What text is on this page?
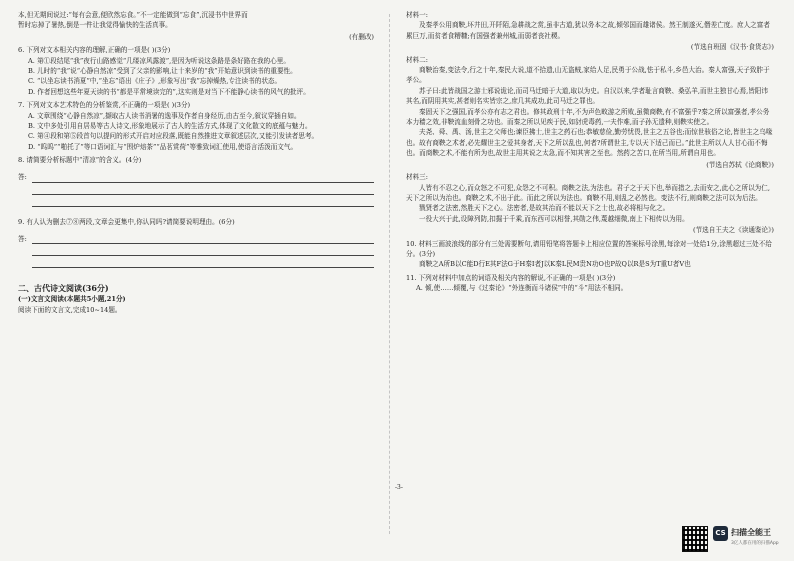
本,但无期间说过:“每有会意,便欣然忘食。”不一定能做到“忘食”,沉浸书中世界而

暂时忘掉了暑热,倒是一件让我觉得愉快的生活真事。

(有删改)

6. 下列对文本相关内容的理解,正确的一项是( )(3分)

A. 第①段结尾“我”夜行山路感觉“几缕凉风露渡”,是因为听说这条路是条好路在我的心里。

B. 儿时的“我”说“心静自然凉”受到了父亲的影响,让十来岁的“我”开始意识到读书的重要性。

C. “以坐忘读书消夏”中,“坐忘”语出《庄子》,形象写出“我”忘掉燥热,专注读书的状态。

D. 作者回想这些年夏天读的书“都是平常境读完的”,这实则是对当下不能静心读书的风气的批评。

7. 下列对文本艺术特色的分析鉴赏,不正确的一项是( )(3分)

A. 文章围绕“心静自然凉”,撷取古人读书消暑的逸事及作者自身经历,由古至今,叙议穿插自如。

B. 文中多处引用自居易等古人诗文,形象地展示了古人的生活方式,体现了文化散文的底蕴与魅力。

C. 第④段和第⑤段首句以提问的形式开启对应段落,既能自然推进文章叙述层次,又能引发读者思考。

D. “呜呜”“啪托了”等口语词汇与“围炉焙茶”“品茗赏荷”等雅致词汇使用,使语言活泼而文气。

8. 请简要分析标题中“清凉”的含义。(4分)

答:

9. 有人认为删去⑦⑧两段,文章会更集中,你认同吗?请简要说明理由。(6分)

答:

二、古代诗文阅读(36分)

(一)文言文阅读(本题共5小题,21分)

阅读下面的文言文,完成10~14题。

-3-

材料一:

及秦孝公用商鞅,坏井田,开阡陌,急耕战之赏,虽非古道,犹以务本之故,倾邻国而雄诸侯。然王制遂灭,僭差亡度。庶人之富者累巨万,而贫者食糟糠;有国强者兼州城,而弱者丧社稷。

(节选自班固《汉书·食货志》)

材料二:

商鞅治秦,变法令,行之十年,秦民大说,道不拾遗,山无盗贼,家给人足,民勇于公战,怯于私斗,乡邑大治。秦人富强,天子致胙于孝公。

苏子曰:此皆战国之游士邪说诡论,而司马迁暗于大道,取以为史。自汉以来,学者耻言商鞅、桑弘羊,而世主独甘心焉,皆阳讳其名,而阴用其实,甚者则名实皆宗之,庶几其成功,此司马迁之罪也。

秦固天下之强国,而孝公亦有志之君也。修其政刑十年,不为声色畋游之所败,虽微商鞅,有不富强乎?秦之所以富强者,孝公务本力穑之效,非鞅流血刻骨之功也。而秦之所以见疾于民,如豺虎毒药,一夫作难,而子孙无遗种,则鞅实使之。

夫尧、舜、禹、汤,世主之父师也;谏臣拂士,世主之药石也;恭敏慈俭,勤劳忧畏,世主之五谷也;而惊世骇俗之论,皆世主之乌喙也。故有商鞅之术者,必先耀世主之爱其身者,天下之所以乱也,何者?所谓世主,专以天下适己而已。”此世主所以人人甘心而不悔也。而商鞅之术,不能有所为也,故世主用其说之太急,而不知其害之至也。然药之苦口,在所当用,所谓自用也。

(节选自苏轼《论商鞅》)

材料三:

人皆有不忍之心,而众怒之不可犯,众怨之不可积。商鞅之法,为法也。君子之于天下也,举而措之,去而安之,此心之所以为仁,天下之所以为治也。商鞅之术,不出于此。而此之所以为法也。商鞅不用,则乱之必然也。变法不行,则商鞅之法可以为后法。

戮贤者之法密,然胜天下之心。法密者,是故其治而不能以天下之士也,故必将相与化之。

一役大兴于此,设障列防,扣掘于千乘,而东西可以相誉,其勋之伟,蔑越细微,南上下相传以为用。

(节选自王夫之《读通鉴论》)

10. 材料三画波浪线的部分有三处需要断句,请用铅笔将答题卡上相应位置的答案标号涂黑,每涂对一处给1分,涂黑超过三处不给分。(3分)

商鞅之A所B以C能D行E其F法G于H秦I者J以K秦L民M贵N功O也P故Q以R是S为T重U者V也

11. 下列对材料中加点的词语及相关内容的解说,不正确的一项是( )(3分)

A. 倾,使……倾覆,与《过秦论》“外连衡而斗诸侯”中的“斗”用法不相同。

CS 扫描全能王
3亿人都在用的扫描App
